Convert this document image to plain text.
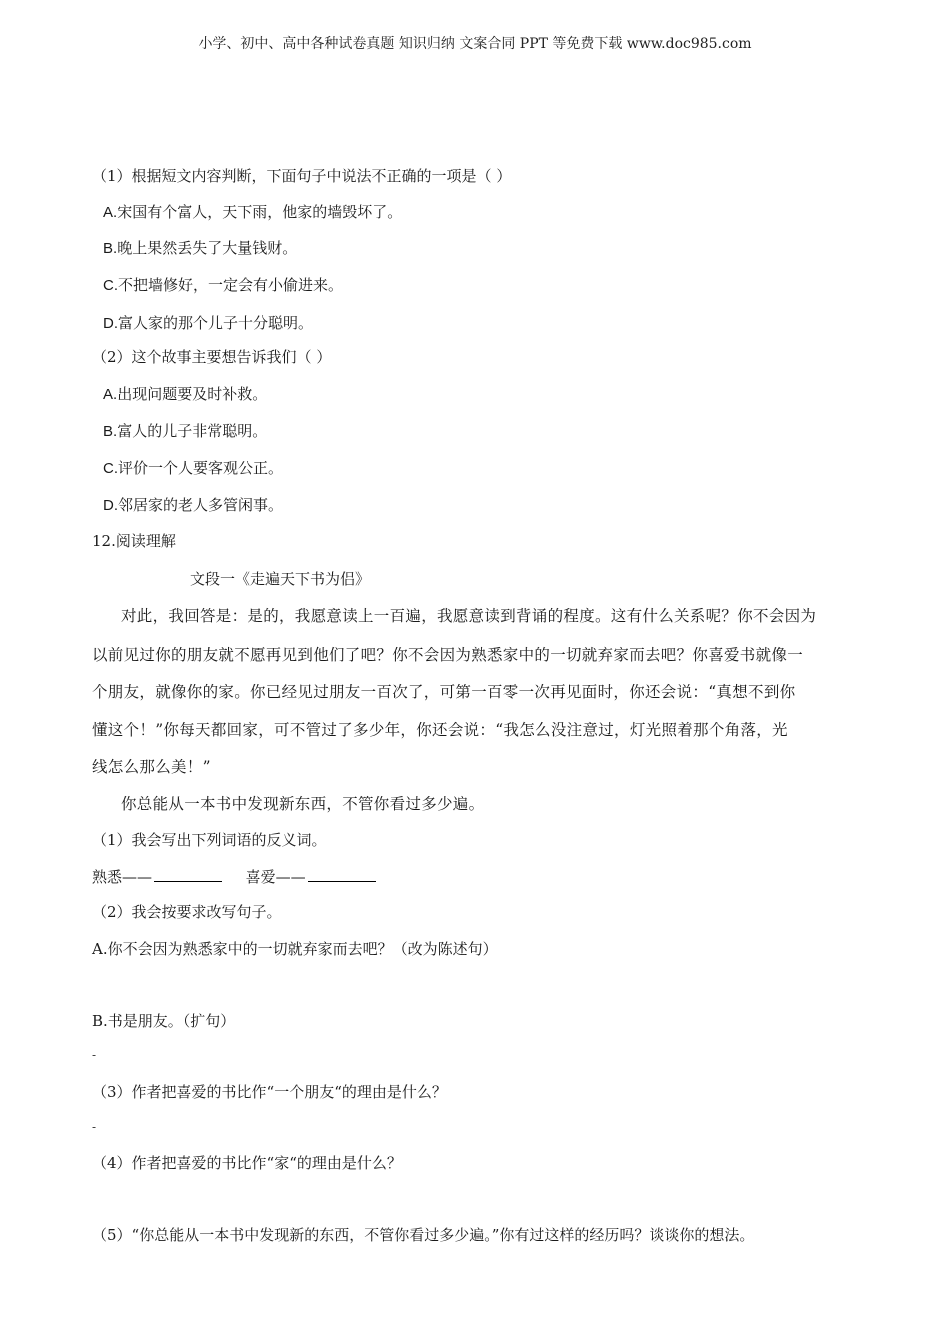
小学、初中、高中各种试卷真题 知识归纳 文案合同 PPT 等免费下载 www.doc985.com
（1）根据短文内容判断，下面句子中说法不正确的一项是（ ）
A.宋国有个富人，天下雨，他家的墙毁坏了。
B.晚上果然丢失了大量钱财。
C.不把墙修好，一定会有小偷进来。
D.富人家的那个儿子十分聪明。
（2）这个故事主要想告诉我们（ ）
A.出现问题要及时补救。
B.富人的儿子非常聪明。
C.评价一个人要客观公正。
D.邻居家的老人多管闲事。
12.阅读理解
文段一《走遍天下书为侣》
对此，我回答是：是的，我愿意读上一百遍，我愿意读到背诵的程度。这有什么关系呢？你不会因为
以前见过你的朋友就不愿再见到他们了吧？你不会因为熟悉家中的一切就弃家而去吧？你喜爱书就像一
个朋友，就像你的家。你已经见过朋友一百次了，可第一百零一次再见面时，你还会说：“真想不到你
懂这个！”你每天都回家，可不管过了多少年，你还会说：“我怎么没注意过，灯光照着那个角落，光
线怎么那么美！”
你总能从一本书中发现新东西，不管你看过多少遍。
（1）我会写出下列词语的反义词。
熟悉——	喜爱——
（2）我会按要求改写句子。
A.你不会因为熟悉家中的一切就弃家而去吧？（改为陈述句）
B.书是朋友。（扩句）
-
（3）作者把喜爱的书比作“一个朋友“的理由是什么？
-
（4）作者把喜爱的书比作“家“的理由是什么？
（5）“你总能从一本书中发现新的东西，不管你看过多少遍。”你有过这样的经历吗？谈谈你的想法。
